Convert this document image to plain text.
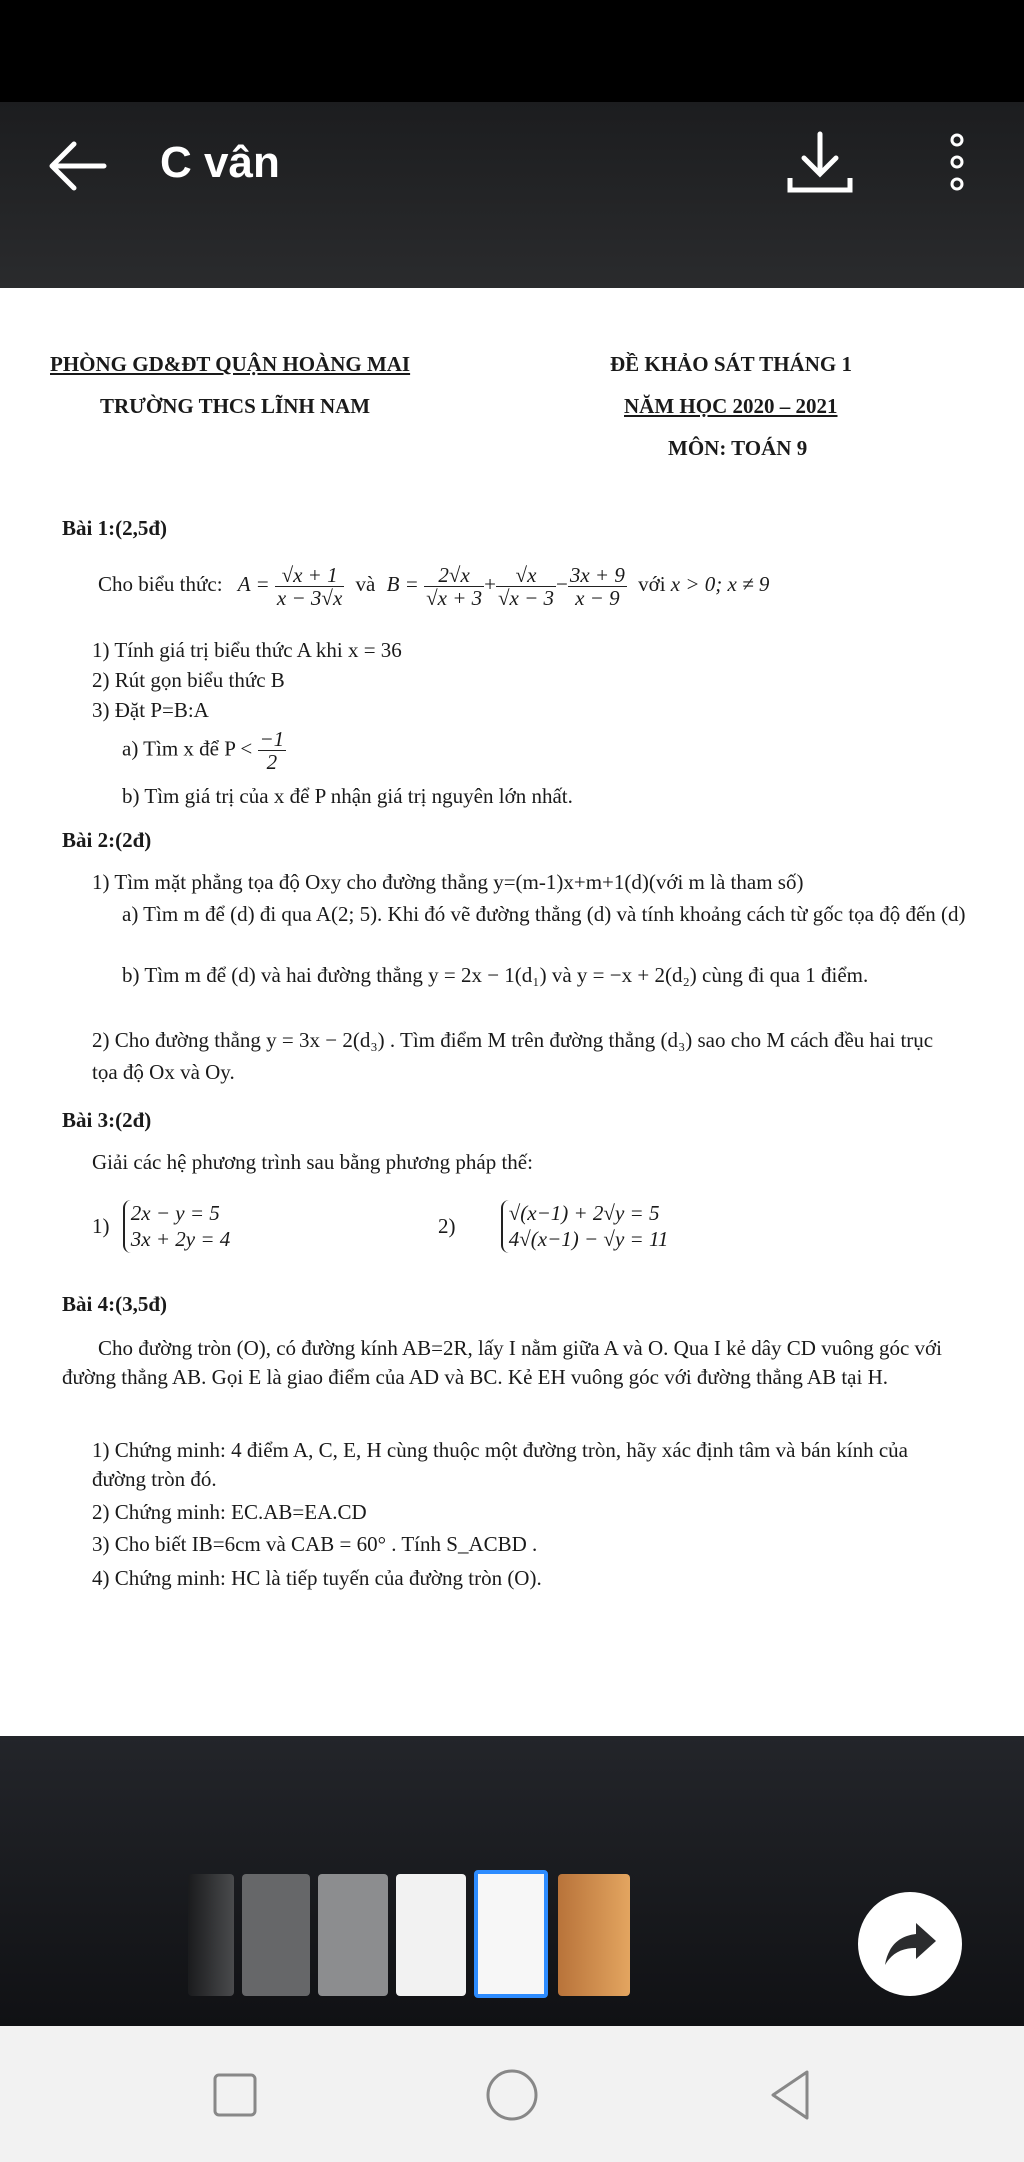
C vân
PHÒNG GD&ĐT QUẬN HOÀNG MAI
TRƯỜNG THCS LĨNH NAM
ĐỀ KHẢO SÁT THÁNG 1
NĂM HỌC 2020 – 2021
MÔN: TOÁN 9
Bài 1:(2,5đ)
Cho biểu thức: $A = \frac{√x + 1}{x - 3√x}$ và $B = \frac{2√x}{√x + 3} + \frac{√x}{√x - 3} - \frac{3x + 9}{x - 9}$ với x > 0; x ≠ 9
1) Tính giá trị biểu thức A khi x = 36
2) Rút gọn biểu thức B
3) Đặt P=B:A
a) Tìm x để $P < \frac{-1}{2}$
b) Tìm giá trị của x để P nhận giá trị nguyên lớn nhất.
Bài 2:(2đ)
1) Tìm mặt phẳng tọa độ Oxy cho đường thẳng y=(m-1)x+m+1(d)(với m là tham số)
a) Tìm m để (d) đi qua A(2; 5). Khi đó vẽ đường thẳng (d) và tính khoảng cách từ gốc tọa độ đến (d)
b) Tìm m để (d) và hai đường thẳng y = 2x − 1(d₁) và y = −x + 2(d₂) cùng đi qua 1 điểm.
2) Cho đường thẳng y = 3x − 2(d₃) . Tìm điểm M trên đường thẳng (d₃) sao cho M cách đều hai trục tọa độ Ox và Oy.
Bài 3:(2đ)
Giải các hệ phương trình sau bằng phương pháp thế:
1)
2x − y = 5
3x + 2y = 4
2)
√(x−1) + 2√y = 5
4√(x−1) − √y = 11
Bài 4:(3,5đ)
Cho đường tròn (O), có đường kính AB=2R, lấy I nằm giữa A và O. Qua I kẻ dây CD vuông góc với đường thẳng AB. Gọi E là giao điểm của AD và BC. Kẻ EH vuông góc với đường thẳng AB tại H.
1) Chứng minh: 4 điểm A, C, E, H cùng thuộc một đường tròn, hãy xác định tâm và bán kính của đường tròn đó.
2) Chứng minh: EC.AB=EA.CD
3) Cho biết IB=6cm và CAB = 60° . Tính S_ACBD .
4) Chứng minh: HC là tiếp tuyến của đường tròn (O).
